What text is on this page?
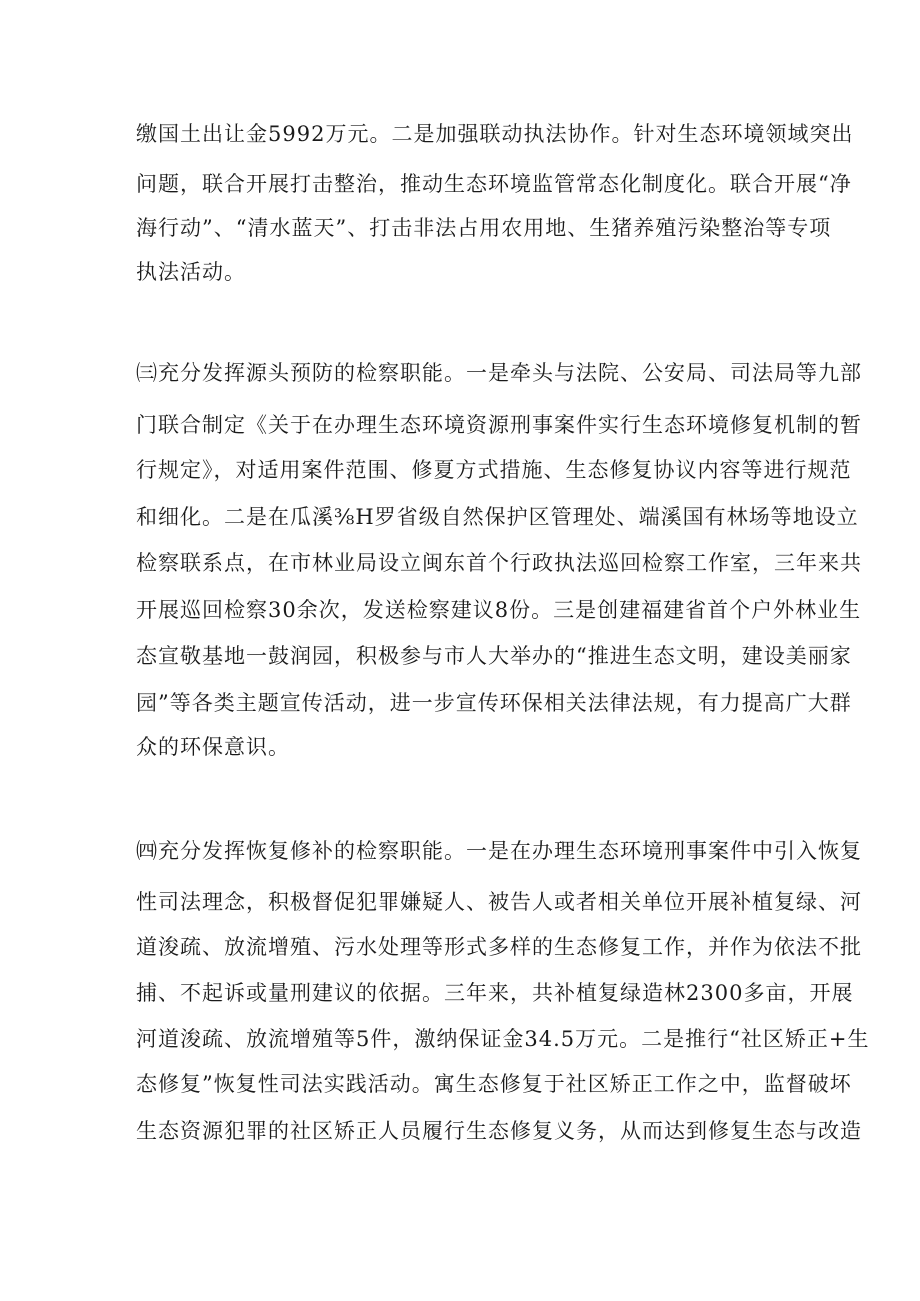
缴国土出让金5992万元。二是加强联动执法协作。针对生态环境领域突出
问题，联合开展打击整治，推动生态环境监管常态化制度化。联合开展“净
海行动”、“清水蓝天”、打击非法占用农用地、生猪养殖污染整治等专项
执法活动。
㈢充分发挥源头预防的检察职能。一是牵头与法院、公安局、司法局等九部
门联合制定《关于在办理生态环境资源刑事案件实行生态环境修复机制的暂
行规定》，对适用案件范围、修夏方式措施、生态修复协议内容等进行规范
和细化。二是在瓜溪⅜H罗省级自然保护区管理处、端溪国有林场等地设立
检察联系点，在市林业局设立闽东首个行政执法巡回检察工作室，三年来共
开展巡回检察30余次，发送检察建议8份。三是创建福建省首个户外林业生
态宣敬基地一鼓润园，积极参与市人大举办的“推进生态文明，建设美丽家
园”等各类主题宣传活动，进一步宣传环保相关法律法规，有力提高广大群
众的环保意识。
㈣充分发挥恢复修补的检察职能。一是在办理生态环境刑事案件中引入恢复
性司法理念，积极督促犯罪嫌疑人、被告人或者相关单位开展补植复绿、河
道浚疏、放流增殖、污水处理等形式多样的生态修复工作，并作为依法不批
捕、不起诉或量刑建议的依据。三年来，共补植复绿造林2300多亩，开展
河道浚疏、放流增殖等5件，激纳保证金34.5万元。二是推行“社区矫正+生
态修复”恢复性司法实践活动。寓生态修复于社区矫正工作之中，监督破坏
生态资源犯罪的社区矫正人员履行生态修复义务，从而达到修复生态与改造
